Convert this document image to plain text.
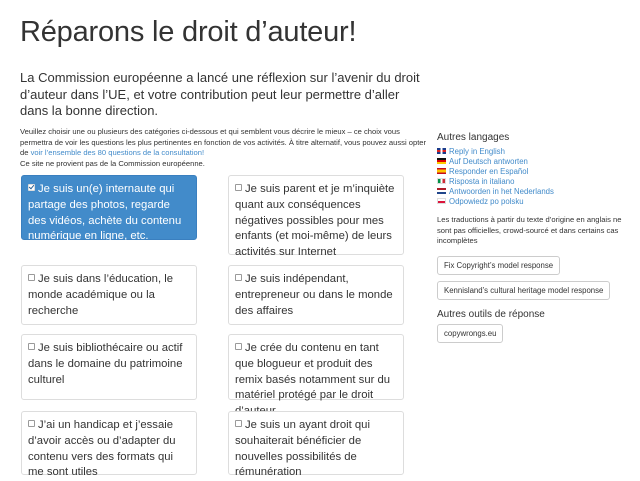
Réparons le droit d’auteur!

La Commission européenne a lancé une réflexion sur l’avenir du droit d’auteur dans l’UE, et votre contribution peut leur permettre d’aller dans la bonne direction.

Veuillez choisir une ou plusieurs des catégories ci-dessous et qui semblent vous décrire le mieux – ce choix vous permettra de voir les questions les plus pertinentes en fonction de vos activités. À titre alternatif, vous pouvez aussi opter de voir l’ensemble des 80 questions de la consultation!
Ce site ne provient pas de la Commission européenne.

Je suis un(e) internaute qui partage des photos, regarde des vidéos, achète du contenu numérique en ligne, etc.
Je suis parent et je m’inquiète quant aux conséquences négatives possibles pour mes enfants (et moi-même) de leurs activités sur Internet
Je suis dans l’éducation, le monde académique ou la recherche
Je suis indépendant, entrepreneur ou dans le monde des affaires
Je suis bibliothécaire ou actif dans le domaine du patrimoine culturel
Je crée du contenu en tant que blogueur et produit des remix basés notamment sur du matériel protégé par le droit
J’ai un handicap et j’essaie d’avoir accès ou d’adapter du contenu vers des formats qui me sont utiles
Je suis un ayant droit qui souhaiterait bénéficier de nouvelles possibilités de rémunération
Autres langages
Reply in English
Auf Deutsch antworten
Responder en Español
Risposta in italiano
Antwoorden in het Nederlands
Odpowiedz po polsku

Les traductions à partir du texte d’origine en anglais ne sont pas officielles, crowd-sourcé et dans certains cas incomplètes

Fix Copyright’s model response
Kennisland’s cultural heritage model response
Autres outils de réponse
copywrongs.eu
